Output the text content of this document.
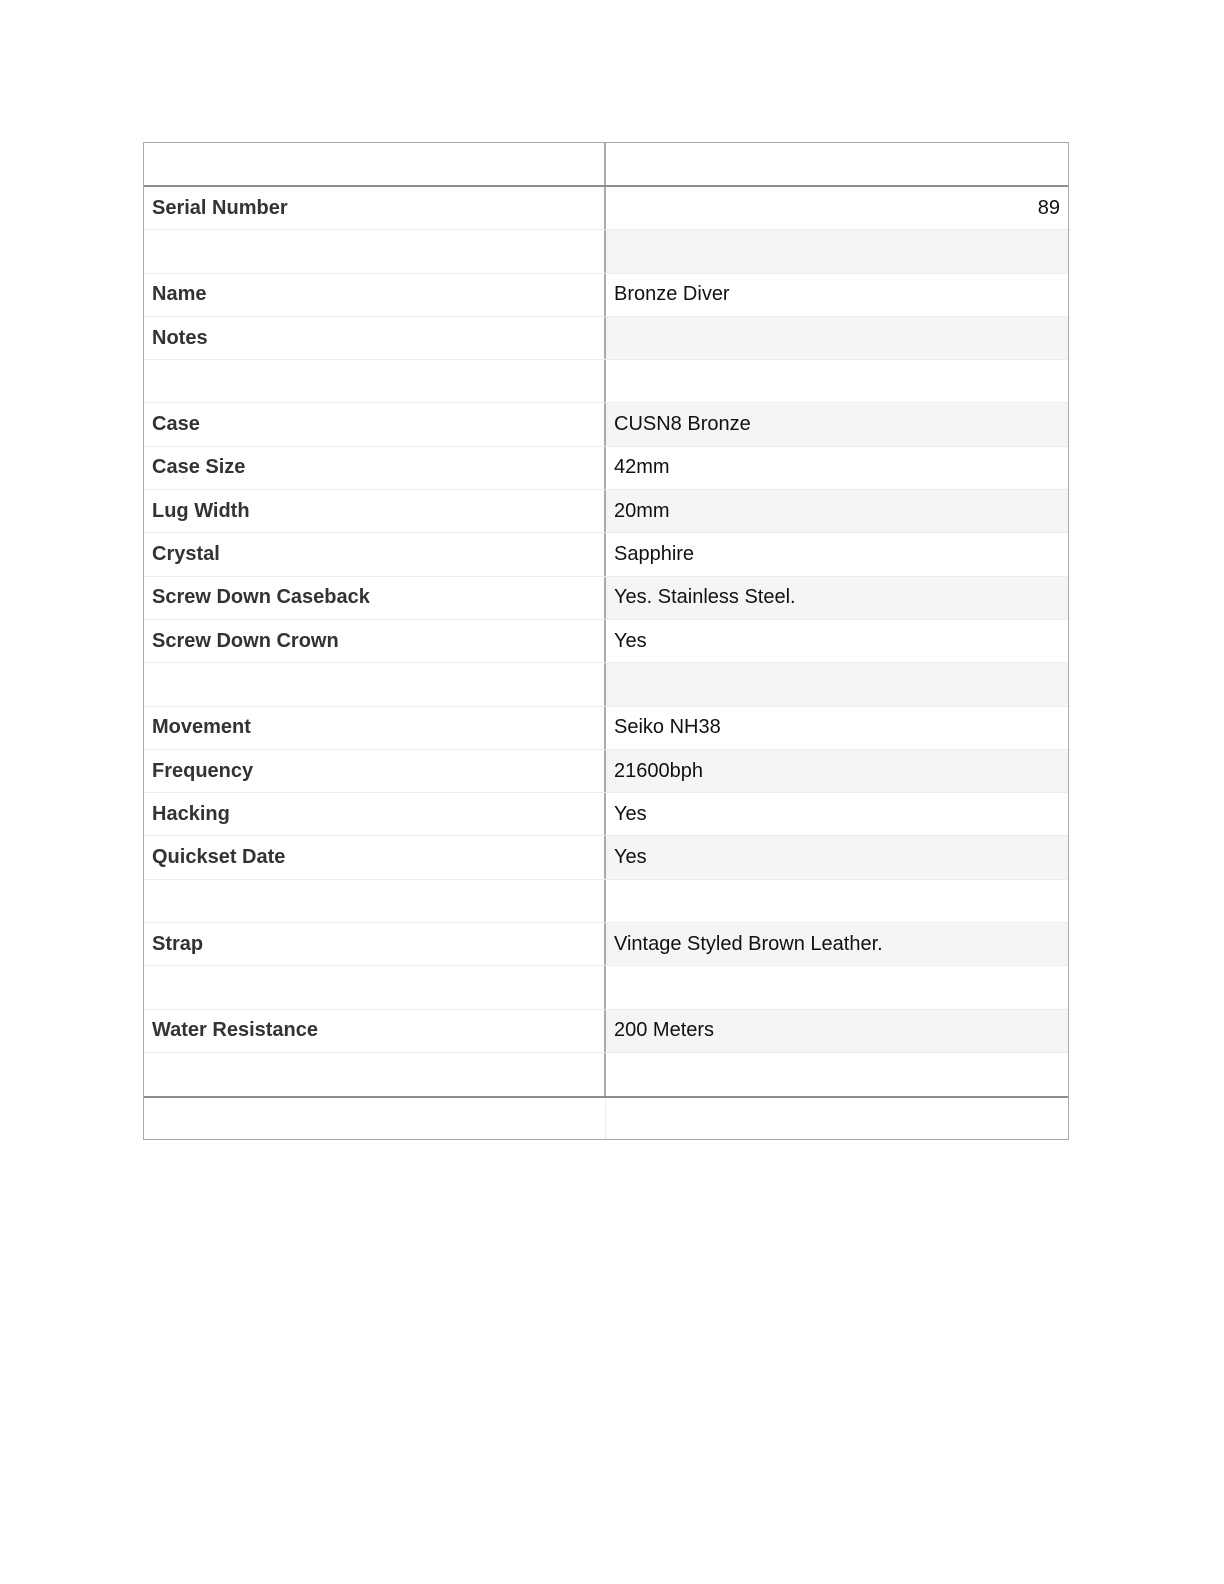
Serial Number	89
Name	Bronze Diver
Notes
Case	CUSN8 Bronze
Case Size	42mm
Lug Width	20mm
Crystal	Sapphire
Screw Down Caseback	Yes. Stainless Steel.
Screw Down Crown	Yes
Movement	Seiko NH38
Frequency	21600bph
Hacking	Yes
Quickset Date	Yes
Strap	Vintage Styled Brown Leather.
Water Resistance	200 Meters
